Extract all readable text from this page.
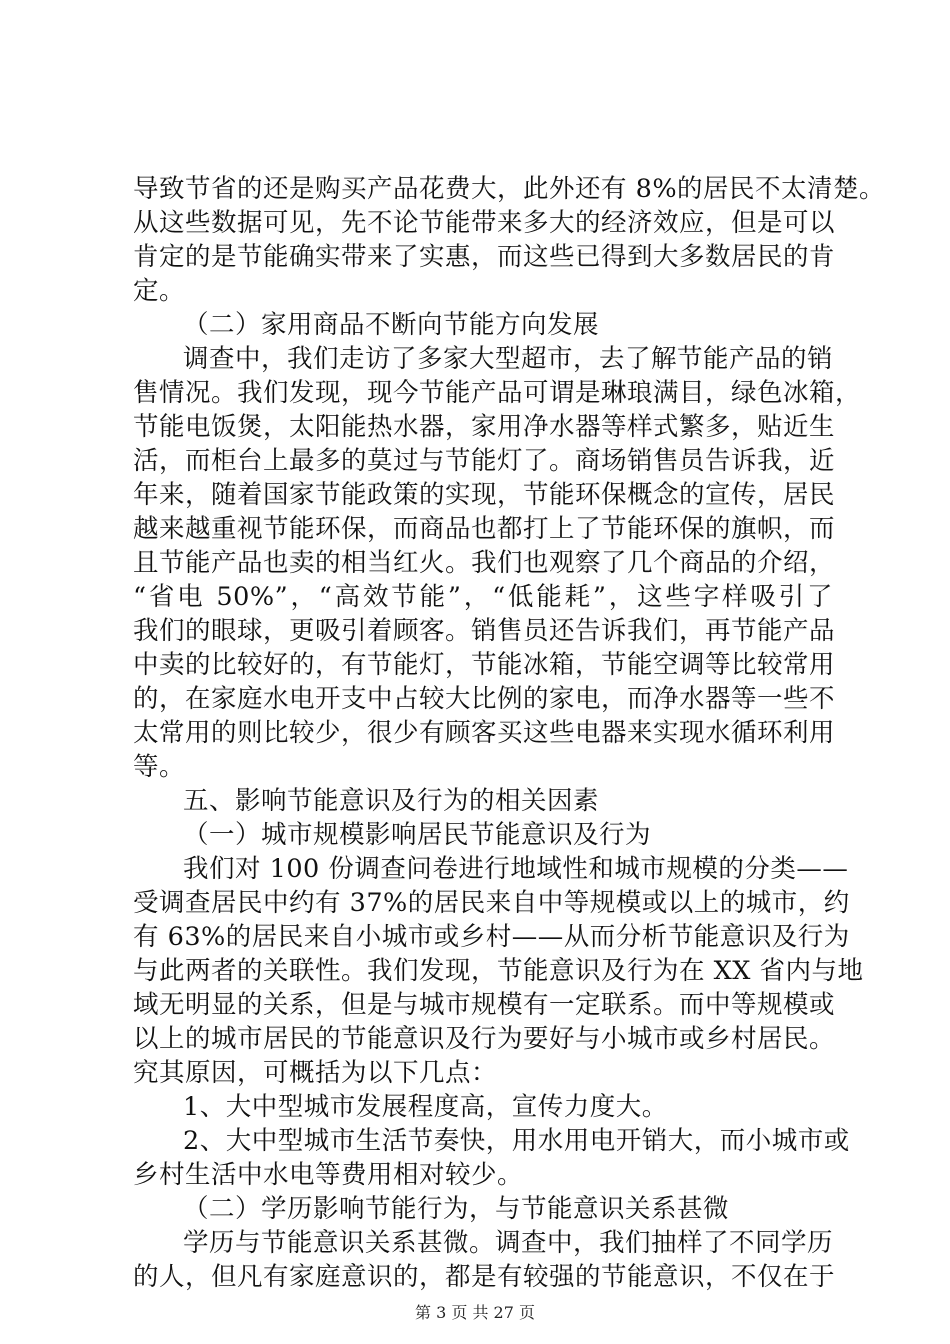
导致节省的还是购买产品花费大，此外还有 8%的居民不太清楚。
从这些数据可见，先不论节能带来多大的经济效应，但是可以
肯定的是节能确实带来了实惠，而这些已得到大多数居民的肯
定。
（二）家用商品不断向节能方向发展
调查中，我们走访了多家大型超市，去了解节能产品的销
售情况。我们发现，现今节能产品可谓是琳琅满目，绿色冰箱，
节能电饭煲，太阳能热水器，家用净水器等样式繁多，贴近生
活，而柜台上最多的莫过与节能灯了。商场销售员告诉我，近
年来，随着国家节能政策的实现，节能环保概念的宣传，居民
越来越重视节能环保，而商品也都打上了节能环保的旗帜，而
且节能产品也卖的相当红火。我们也观察了几个商品的介绍，
“省电 50%”，“高效节能”，“低能耗”，这些字样吸引了
我们的眼球，更吸引着顾客。销售员还告诉我们，再节能产品
中卖的比较好的，有节能灯，节能冰箱，节能空调等比较常用
的，在家庭水电开支中占较大比例的家电，而净水器等一些不
太常用的则比较少，很少有顾客买这些电器来实现水循环利用
等。
五、影响节能意识及行为的相关因素
（一）城市规模影响居民节能意识及行为
我们对 100 份调查问卷进行地域性和城市规模的分类——
受调查居民中约有 37%的居民来自中等规模或以上的城市，约
有 63%的居民来自小城市或乡村——从而分析节能意识及行为
与此两者的关联性。我们发现，节能意识及行为在 XX 省内与地
域无明显的关系，但是与城市规模有一定联系。而中等规模或
以上的城市居民的节能意识及行为要好与小城市或乡村居民。
究其原因，可概括为以下几点：
1、大中型城市发展程度高，宣传力度大。
2、大中型城市生活节奏快，用水用电开销大，而小城市或
乡村生活中水电等费用相对较少。
（二）学历影响节能行为，与节能意识关系甚微
学历与节能意识关系甚微。调查中，我们抽样了不同学历
的人，但凡有家庭意识的，都是有较强的节能意识，不仅在于
第 3 页 共 27 页
